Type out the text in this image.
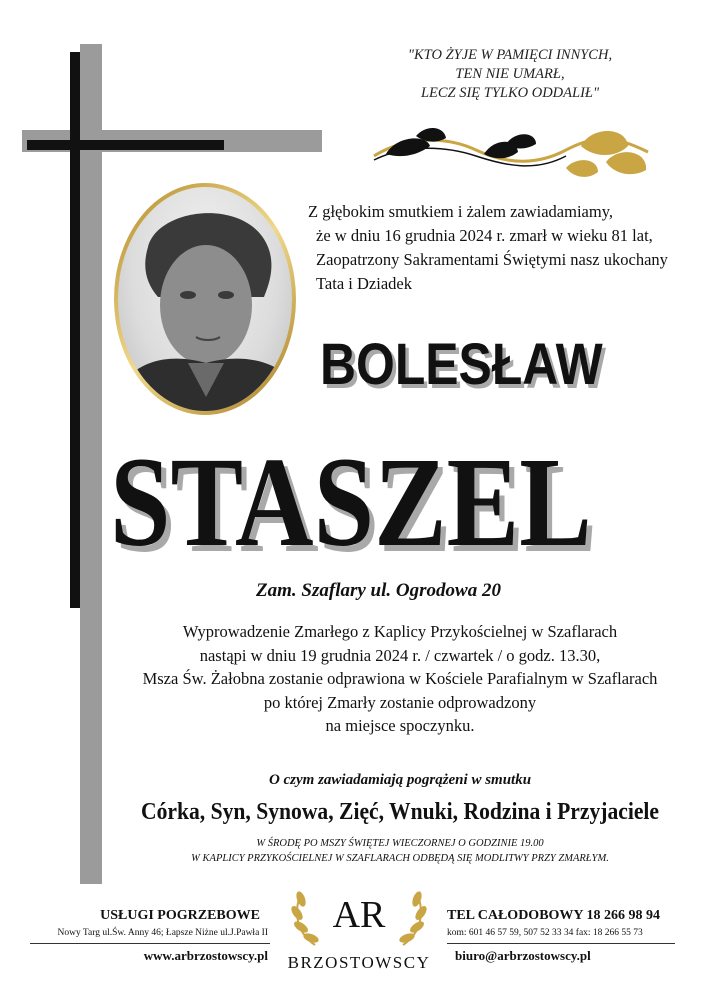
"KTO ŻYJE W PAMIĘCI INNYCH,
TEN NIE UMARŁ,
LECZ SIĘ TYLKO ODDALIŁ"
Z głębokim smutkiem i żalem zawiadamiamy,
że w dniu 16 grudnia 2024 r. zmarł w wieku 81 lat,
Zaopatrzony Sakramentami Świętymi nasz ukochany
Tata i Dziadek
BOLESŁAW
STASZEL
Zam. Szaflary ul. Ogrodowa 20
Wyprowadzenie Zmarłego z Kaplicy Przykościelnej w Szaflarach
nastąpi w dniu 19 grudnia 2024 r. / czwartek / o godz. 13.30,
Msza Św. Żałobna zostanie odprawiona w Kościele Parafialnym w Szaflarach
po której Zmarły zostanie odprowadzony
na miejsce spoczynku.
O czym zawiadamiają pogrążeni w smutku
Córka, Syn, Synowa, Zięć, Wnuki, Rodzina i Przyjaciele
W ŚRODĘ PO MSZY ŚWIĘTEJ WIECZORNEJ O GODZINIE 19.00
W KAPLICY PRZYKOŚCIELNEJ W SZAFLARACH ODBĘDĄ SIĘ MODLITWY PRZY ZMARŁYM.
USŁUGI POGRZEBOWE
Nowy Targ ul.Św. Anny 46; Łapsze Niżne ul.J.Pawła II
www.arbrzostowscy.pl
AR
BRZOSTOWSCY
TEL CAŁODOBOWY 18 266 98 94
kom: 601 46 57 59, 507 52 33 34 fax: 18 266 55 73
biuro@arbrzostowscy.pl
